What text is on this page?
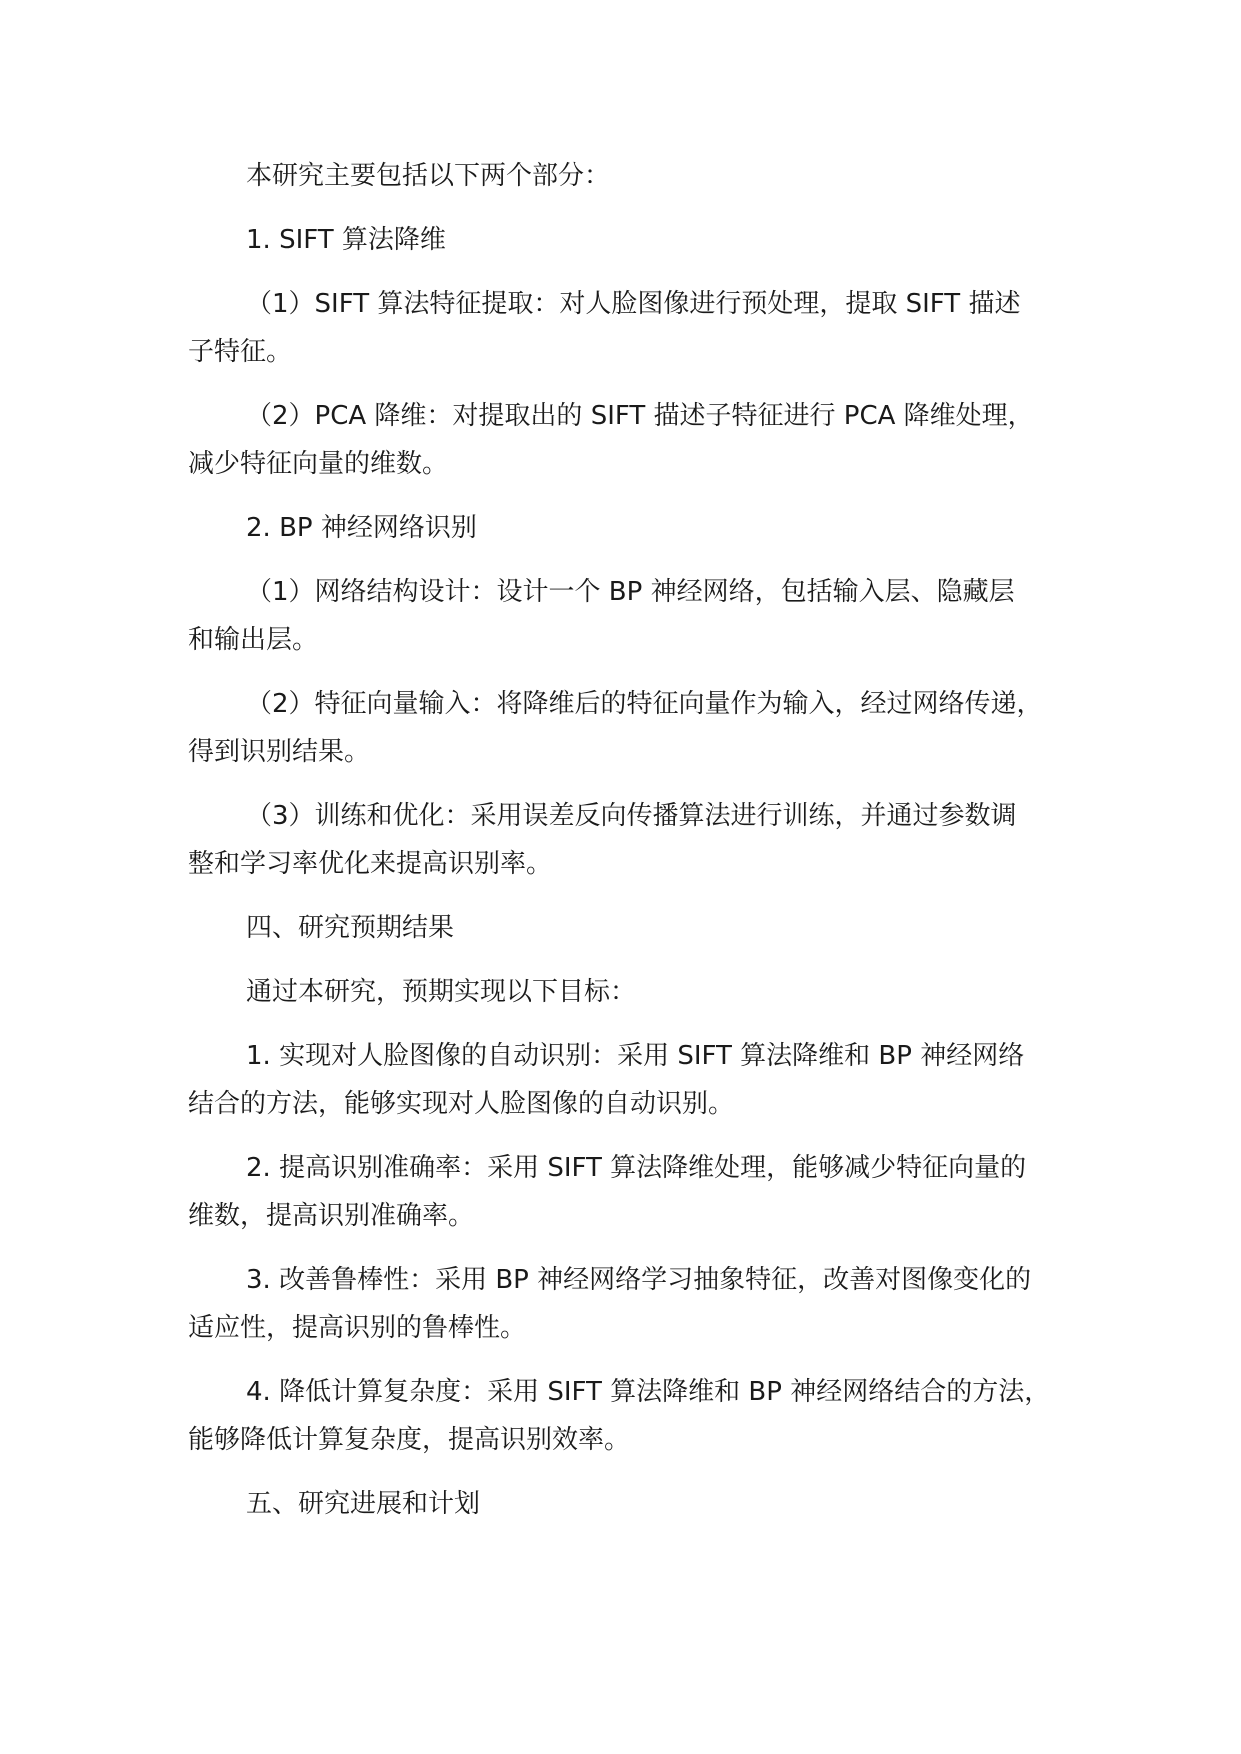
本研究主要包括以下两个部分：

1. SIFT 算法降维

（1）SIFT 算法特征提取：对人脸图像进行预处理，提取 SIFT 描述
子特征。

（2）PCA 降维：对提取出的 SIFT 描述子特征进行 PCA 降维处理，
减少特征向量的维数。

2. BP 神经网络识别

（1）网络结构设计：设计一个 BP 神经网络，包括输入层、隐藏层
和输出层。

（2）特征向量输入：将降维后的特征向量作为输入，经过网络传递，
得到识别结果。

（3）训练和优化：采用误差反向传播算法进行训练，并通过参数调
整和学习率优化来提高识别率。

四、研究预期结果

通过本研究，预期实现以下目标：

1. 实现对人脸图像的自动识别：采用 SIFT 算法降维和 BP 神经网络
结合的方法，能够实现对人脸图像的自动识别。

2. 提高识别准确率：采用 SIFT 算法降维处理，能够减少特征向量的
维数，提高识别准确率。

3. 改善鲁棒性：采用 BP 神经网络学习抽象特征，改善对图像变化的
适应性，提高识别的鲁棒性。

4. 降低计算复杂度：采用 SIFT 算法降维和 BP 神经网络结合的方法，
能够降低计算复杂度，提高识别效率。

五、研究进展和计划
